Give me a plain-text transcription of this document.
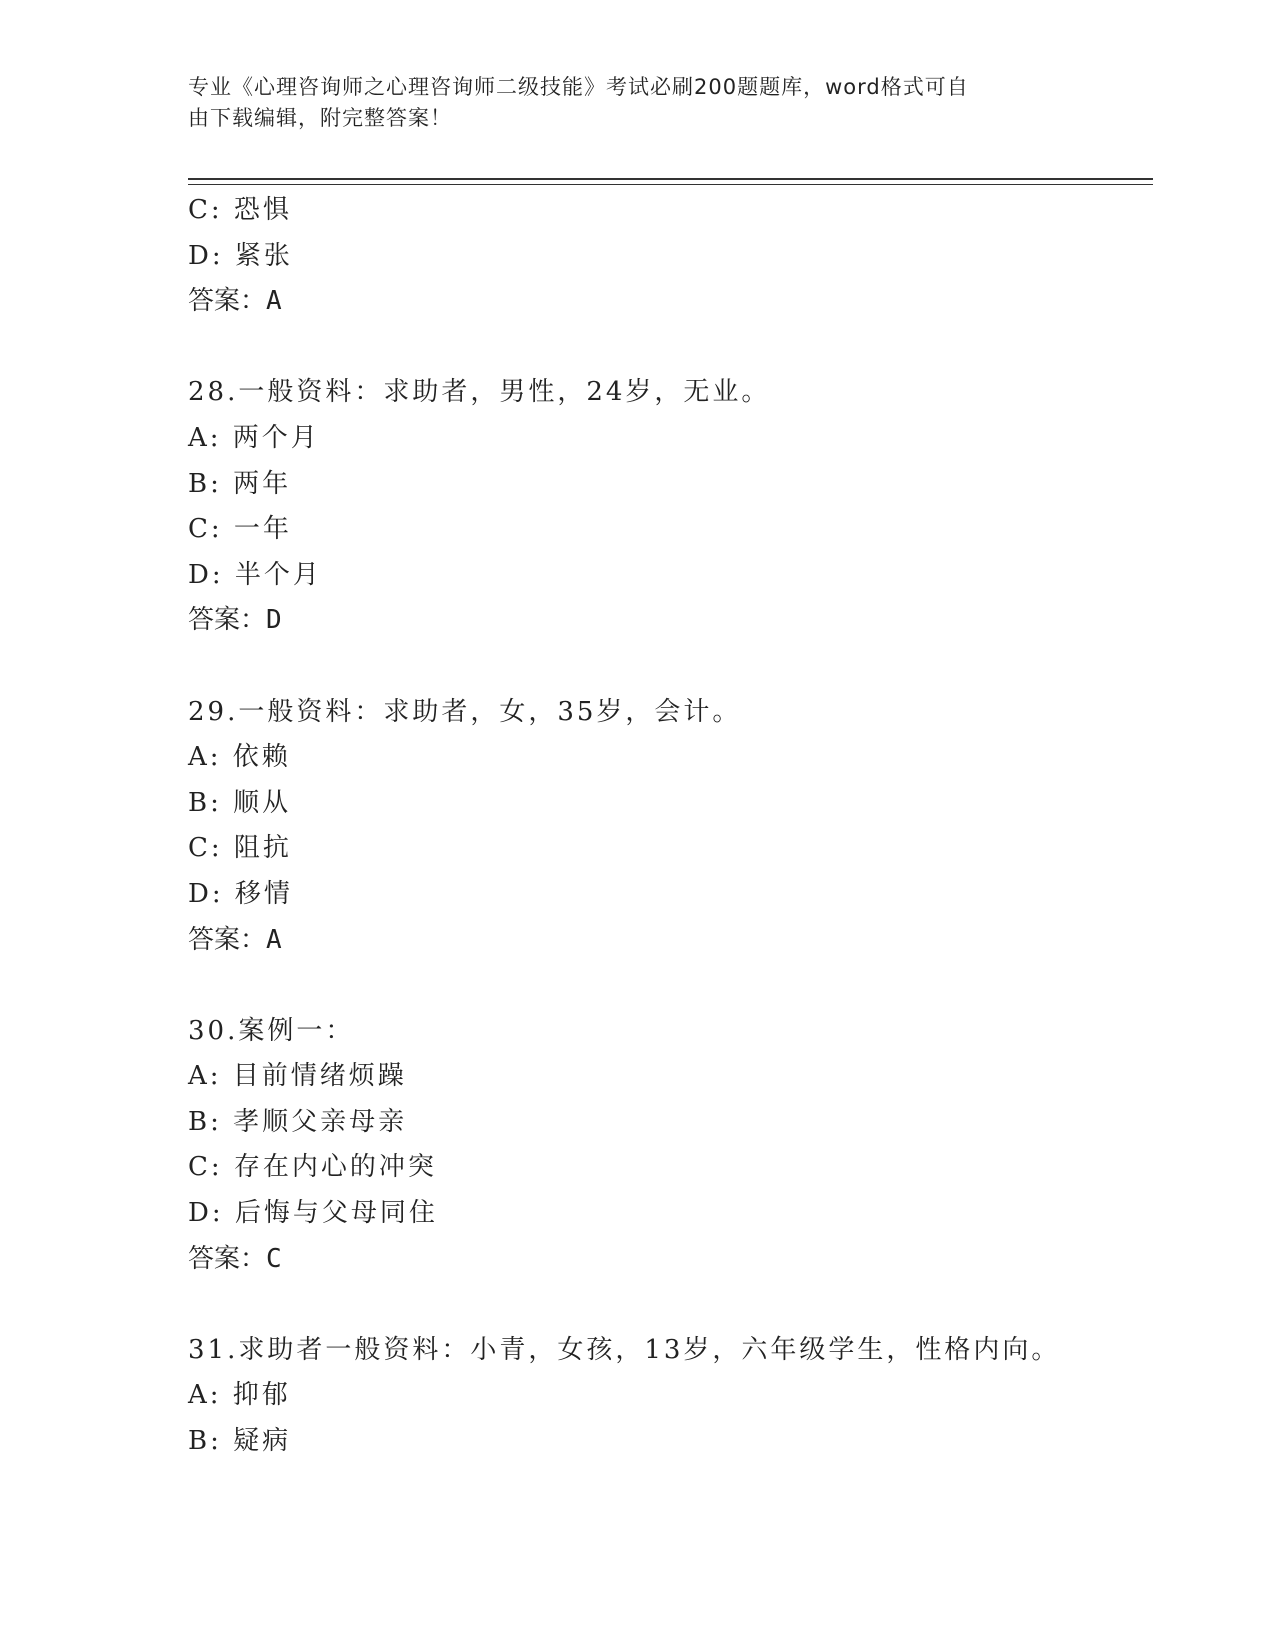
专业《心理咨询师之心理咨询师二级技能》考试必刷200题题库，word格式可自
由下载编辑，附完整答案！

C: 恐惧

D: 紧张

答案：A

28.一般资料：求助者，男性，24岁，无业。

A: 两个月

B: 两年

C: 一年

D: 半个月

答案：D

29.一般资料：求助者，女，35岁，会计。

A: 依赖

B: 顺从

C: 阻抗

D: 移情

答案：A

30.案例一：

A: 目前情绪烦躁

B: 孝顺父亲母亲

C: 存在内心的冲突

D: 后悔与父母同住

答案：C

31.求助者一般资料：小青，女孩，13岁，六年级学生，性格内向。

A: 抑郁

B: 疑病
